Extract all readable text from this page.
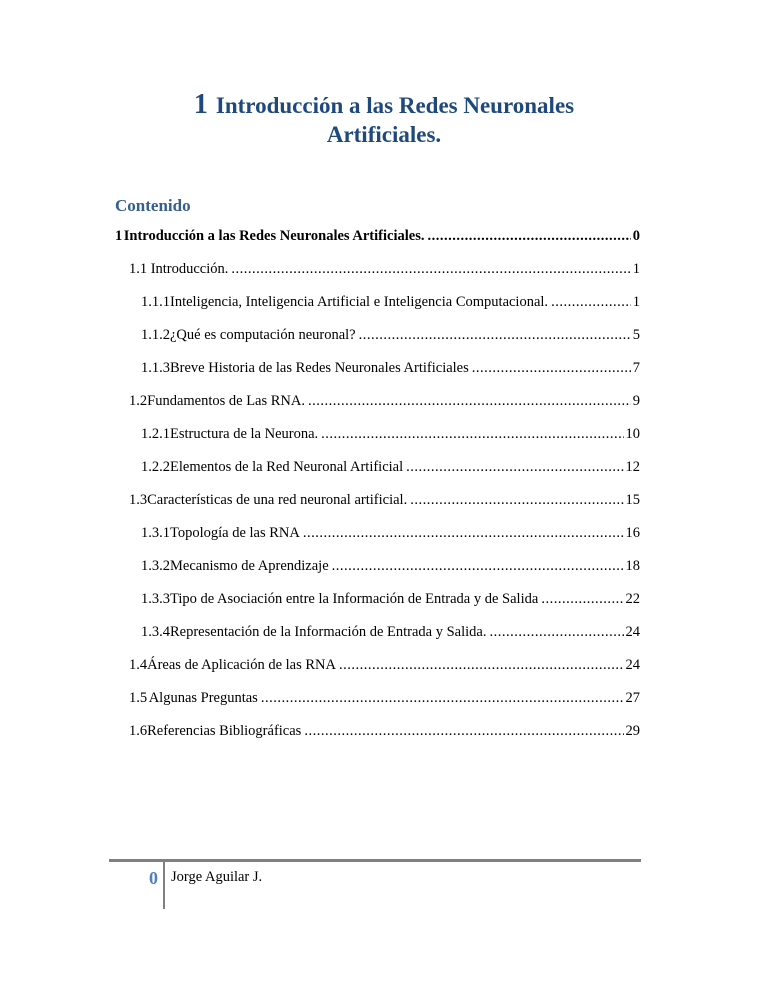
1 Introducción a las Redes Neuronales
Artificiales.
Contenido
1 Introducción a las Redes Neuronales Artificiales. .....	0
1.1 Introducción. .....	1
1.1.1 Inteligencia, Inteligencia Artificial e Inteligencia Computacional. .....	1
1.1.2 ¿Qué es computación neuronal? .....	5
1.1.3 Breve Historia de las Redes Neuronales Artificiales .....	7
1.2 Fundamentos de Las RNA. .....	9
1.2.1 Estructura de la Neurona. .....	10
1.2.2 Elementos de la Red Neuronal Artificial .....	12
1.3 Características de una red neuronal artificial. .....	15
1.3.1 Topología de las RNA .....	16
1.3.2 Mecanismo de Aprendizaje .....	18
1.3.3 Tipo de Asociación entre la Información de Entrada y de Salida .....	22
1.3.4 Representación de la Información de Entrada y Salida. .....	24
1.4 Áreas de Aplicación de las RNA .....	24
1.5 Algunas Preguntas .....	27
1.6 Referencias Bibliográficas .....	29
0 Jorge Aguilar J.
